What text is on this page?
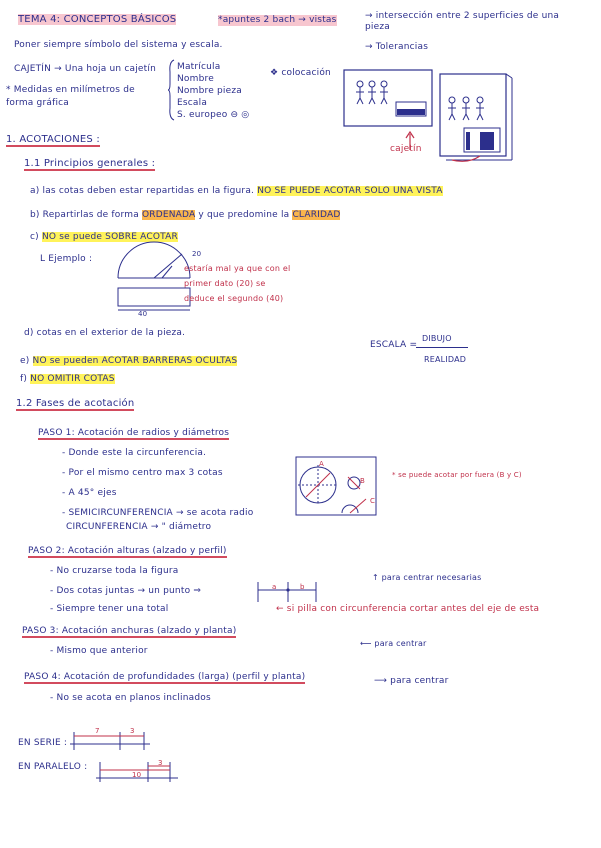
TEMA 4: CONCEPTOS BÁSICOS	*apuntes 2 bach → vistas	→ intersección entre 2 superficies de una pieza
→ Tolerancias
Poner siempre símbolo del sistema y escala.
CAJETÍN → Una hoja un cajetín Matrícula
Nombre
Nombre pieza
Escala
S. europeo ⊖ ◎
❖ colocación
* Medidas en milímetros de forma gráfica
cajetín
1. ACOTACIONES :
1.1 Principios generales :
a) las cotas deben estar repartidas en la figura. NO SE PUEDE ACOTAR SOLO UNA VISTA
b) Repartirlas de forma ORDENADA y que predomine la CLARIDAD
c) NO se puede SOBRE ACOTAR
L Ejemplo :	20
40
estaría mal ya que con el
primer dato (20) se
deduce el segundo (40)
d) cotas en el exterior de la pieza.
ESCALA =
DIBUJO
REALIDAD
e) NO se pueden ACOTAR BARRERAS OCULTAS
f) NO OMITIR COTAS
1.2 Fases de acotación
PASO 1: Acotación de radios y diámetros
- Donde este la circunferencia.
- Por el mismo centro max 3 cotas
- A 45° ejes
- SEMICIRCUNFERENCIA → se acota radio
CIRCUNFERENCIA → " diámetro
A
B
C
* se puede acotar por fuera (B y C)
PASO 2: Acotación alturas (alzado y perfil)
- No cruzarse toda la figura
- Dos cotas juntas → un punto ⇒
- Siempre tener una total	← si pilla con circunferencia cortar antes del eje de esta
↑ para centrar necesarias
a	b
PASO 3: Acotación anchuras (alzado y planta)
⟵ para centrar
- Mismo que anterior
PASO 4: Acotación de profundidades (larga) (perfil y planta)	⟶ para centrar
- No se acota en planos inclinados
EN SERIE :
7	3
EN PARALELO :
10
3
